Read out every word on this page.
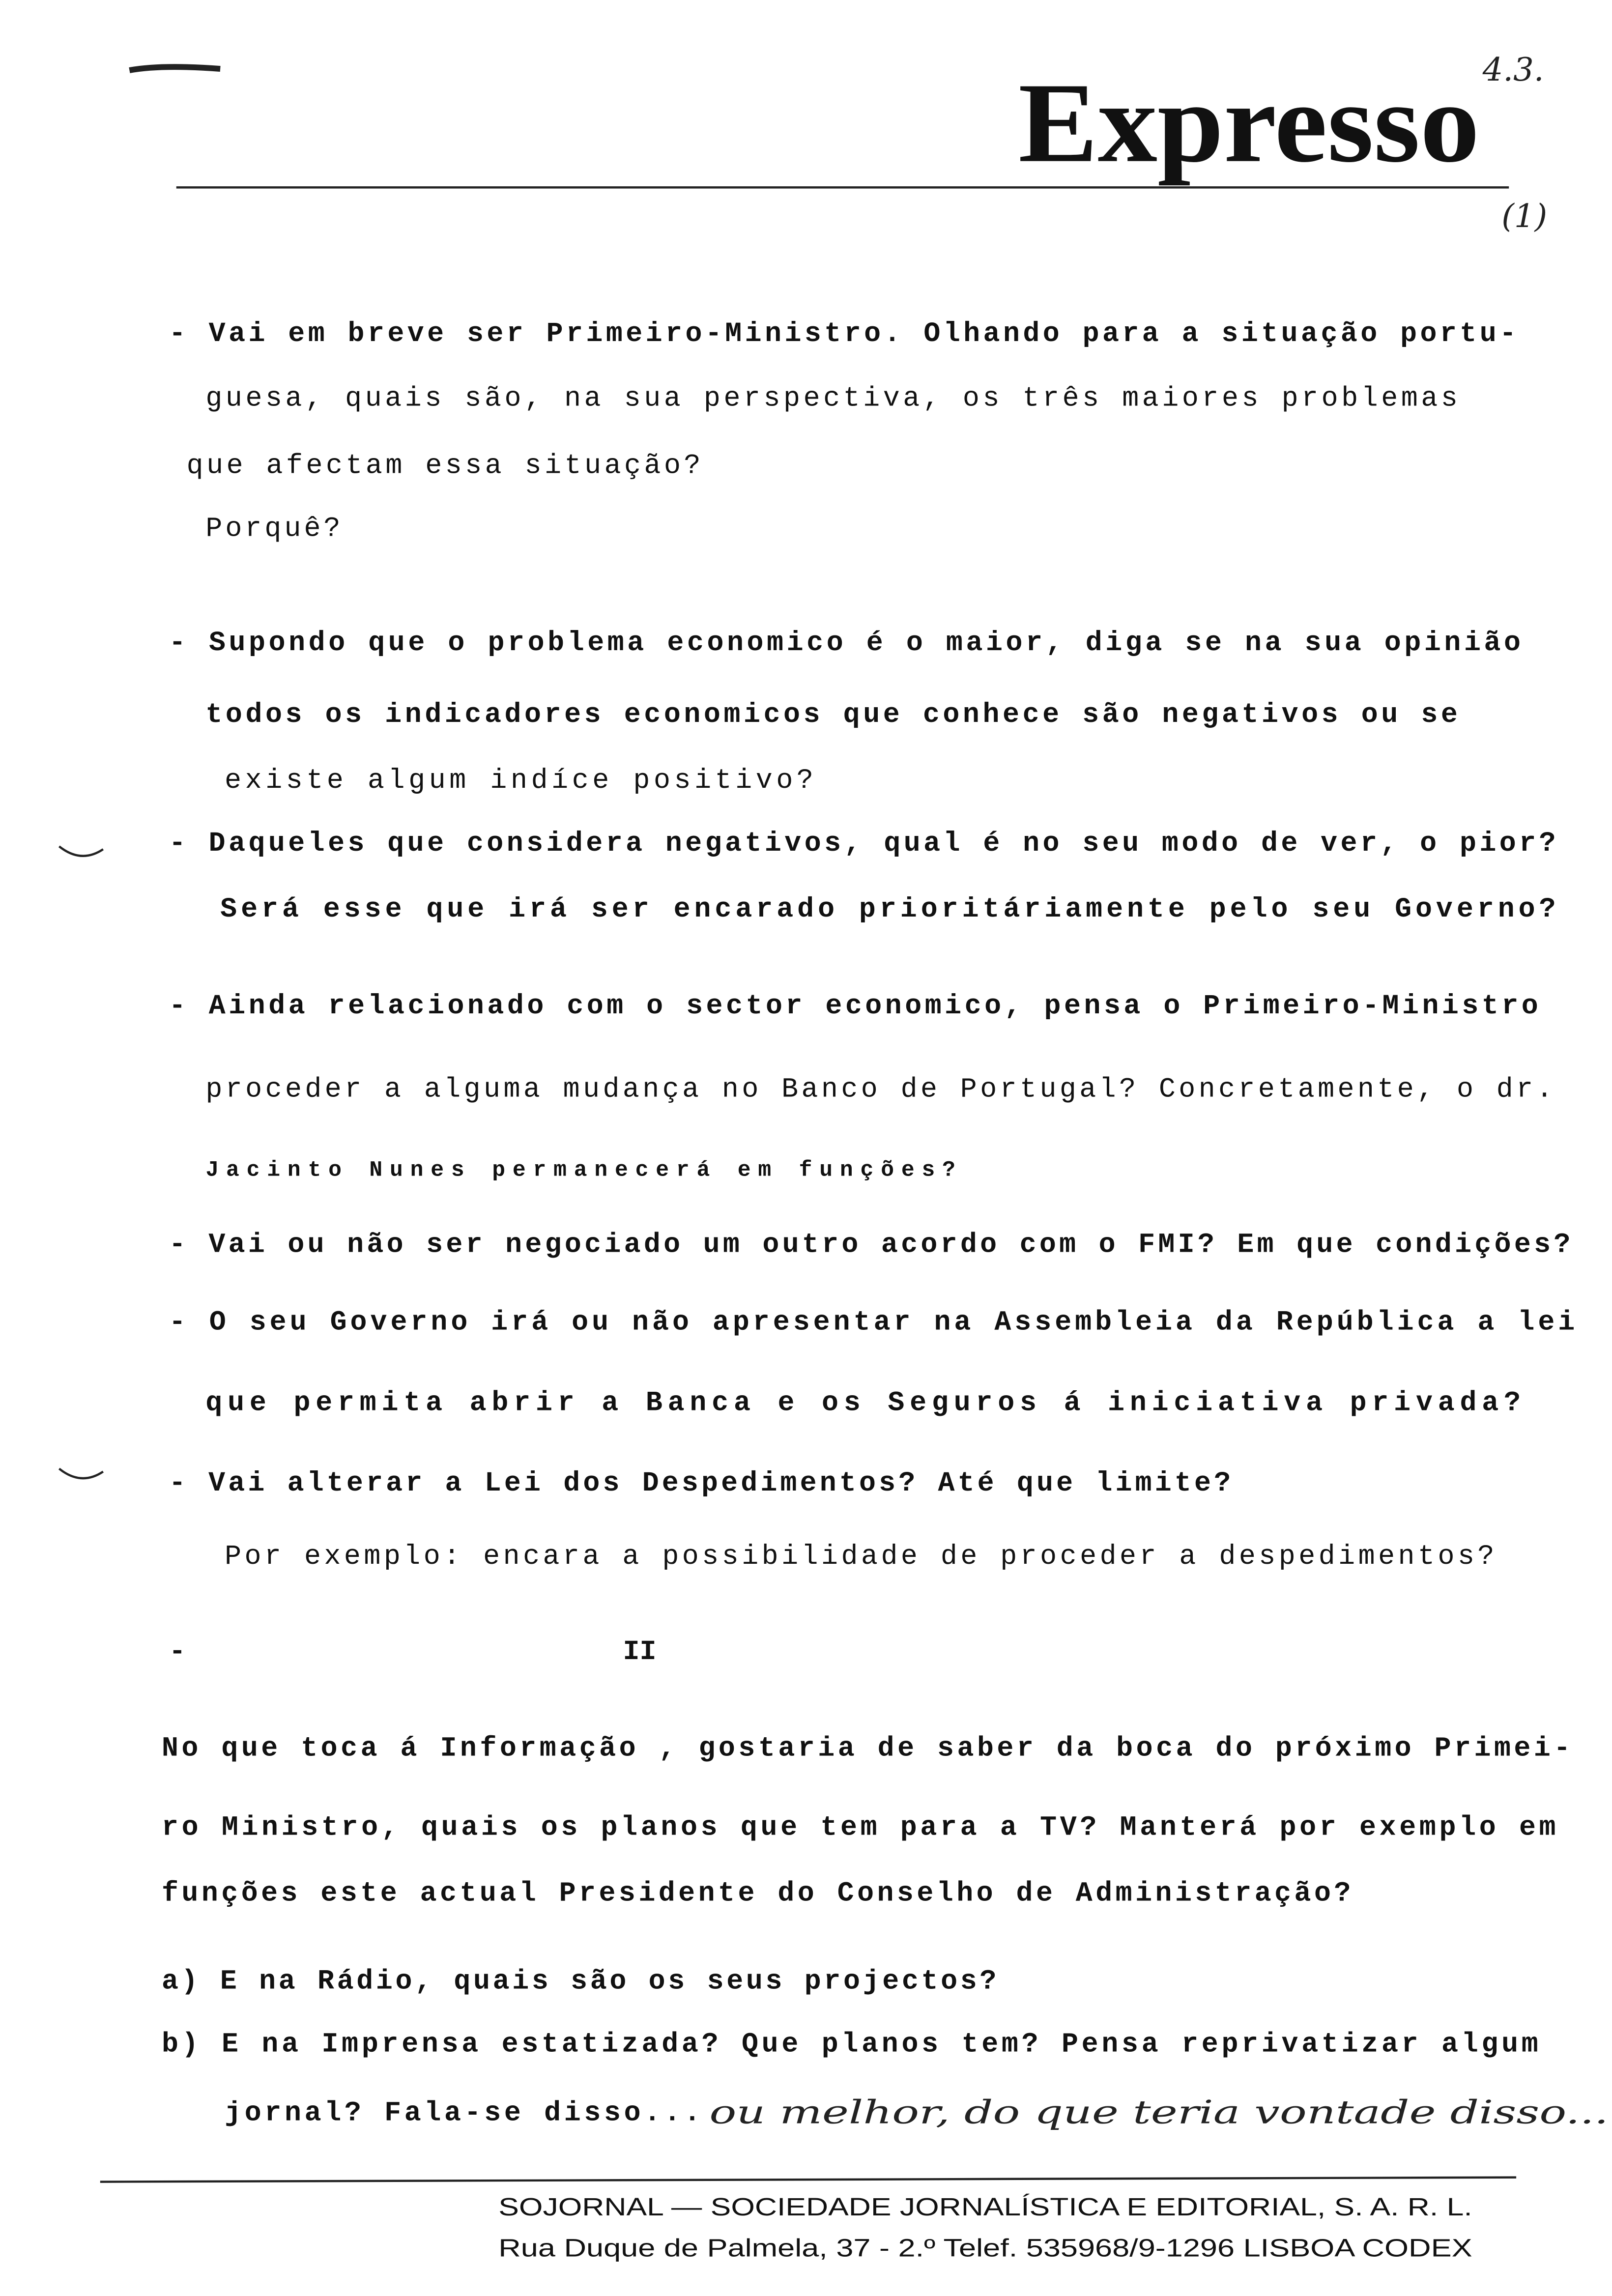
Expresso 4.3.
(1)
- Vai em breve ser Primeiro-Ministro. Olhando para a situação portu-
guesa, quais são, na sua perspectiva, os três maiores problemas
que afectam essa situação?
Porquê?
- Supondo que o problema economico é o maior, diga se na sua opinião
todos os indicadores economicos que conhece são negativos ou se
existe algum indíce positivo?
- Daqueles que considera negativos, qual é no seu modo de ver, o pior?
Será esse que irá ser encarado prioritáriamente pelo seu Governo?
- Ainda relacionado com o sector economico, pensa o Primeiro-Ministro
proceder a alguma mudança no Banco de Portugal? Concretamente, o dr.
Jacinto Nunes permanecerá em funções?
- Vai ou não ser negociado um outro acordo com o FMI? Em que condições?
- O seu Governo irá ou não apresentar na Assembleia da República a lei
que permita abrir a Banca e os Seguros á iniciativa privada?
- Vai alterar a Lei dos Despedimentos? Até que limite?
Por exemplo: encara a possibilidade de proceder a despedimentos?
-	II
No que toca á Informação , gostaria de saber da boca do próximo Primei-
ro Ministro, quais os planos que tem para a TV? Manterá por exemplo em
funções este actual Presidente do Conselho de Administração?
a) E na Rádio, quais são os seus projectos?
b) E na Imprensa estatizada? Que planos tem? Pensa reprivatizar algum
jornal? Fala-se disso... ou melhor, do que teria vontade disso...
SOJORNAL — SOCIEDADE JORNALÍSTICA E EDITORIAL, S. A. R. L.
Rua Duque de Palmela, 37 - 2.º Telef. 535968/9-1296 LISBOA CODEX
